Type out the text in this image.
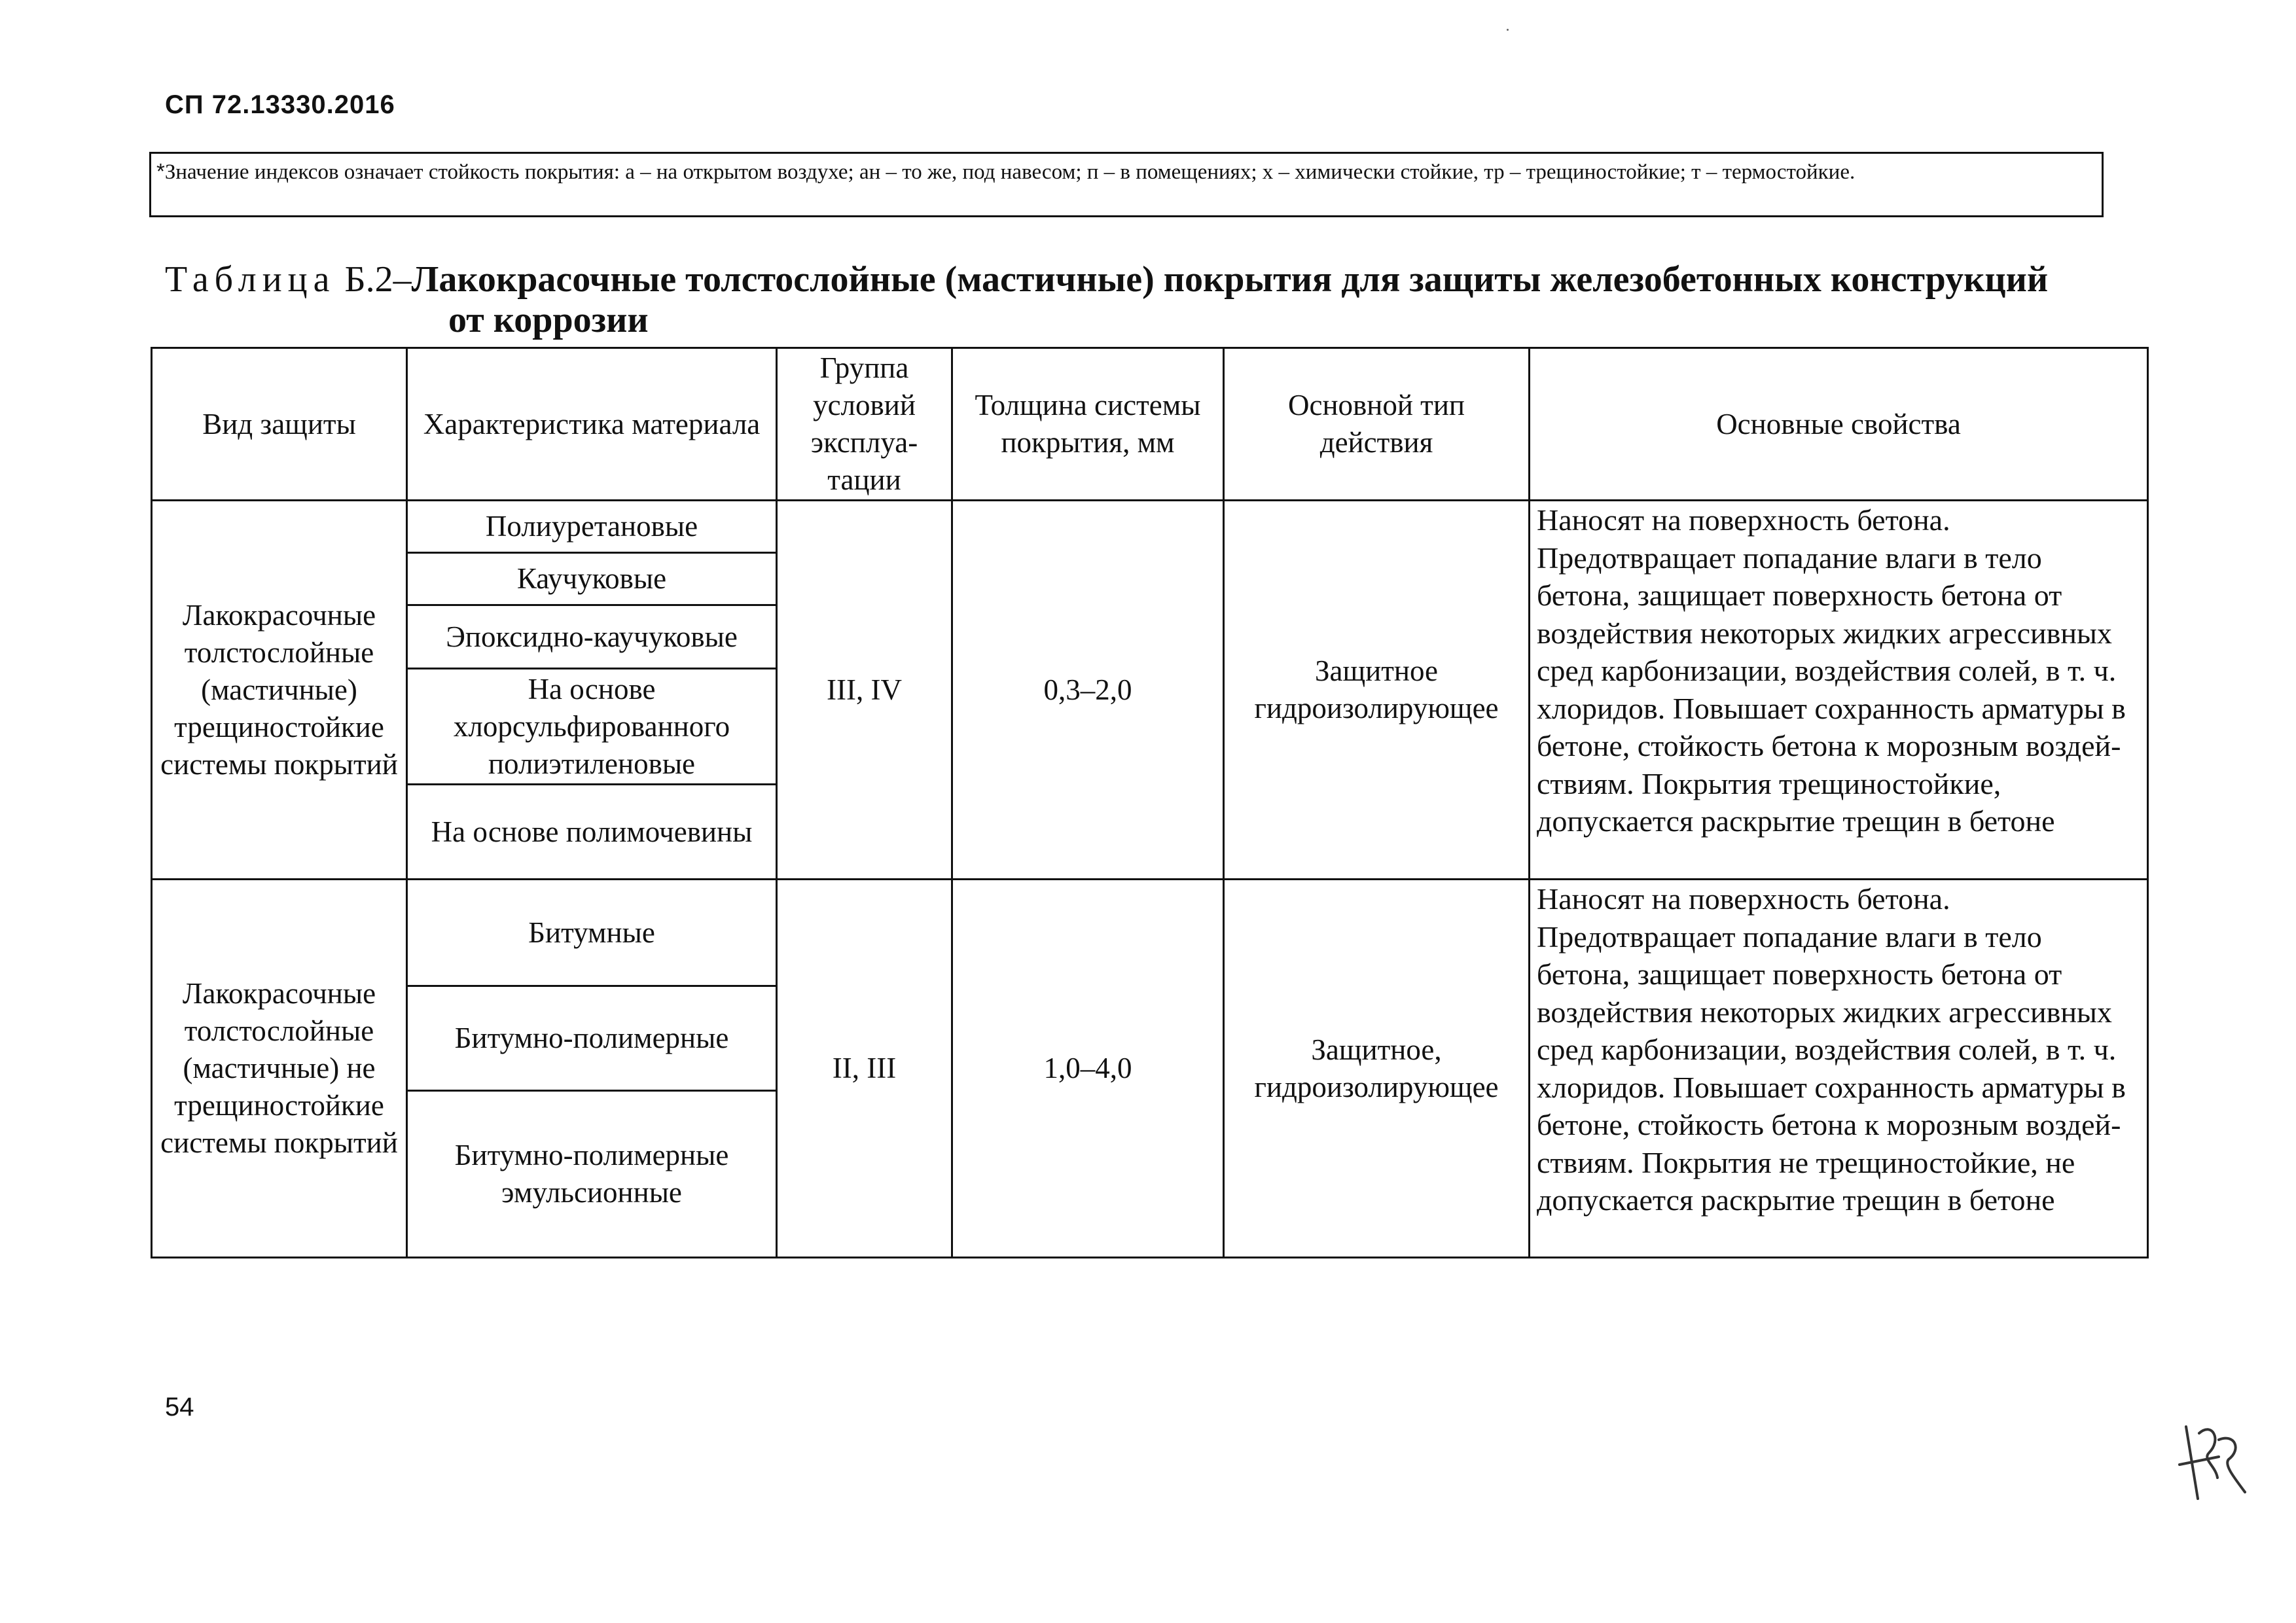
СП 72.13330.2016
*Значение индексов означает стойкость покрытия: а – на открытом воздухе; ан – то же, под навесом; п – в помещениях; х – химически стойкие, тр – трещиностойкие; т – термостойкие.
Таблица Б.2–Лакокрасочные толстослойные (мастичные) покрытия для защиты железобетонных конструкций
от коррозии
Вид защиты	Характеристика материала	Группа условий эксплуа-тации	Толщина системы покрытия, мм	Основной тип действия	Основные свойства
Лакокрасочные толстослойные (мастичные) трещиностойкие системы покрытий	Полиуретановые	III, IV	0,3–2,0	Защитное гидроизолирующее	Наносят на поверхность бетона. Предотвращает попадание влаги в тело бетона, защищает поверхность бетона от воздействия некоторых жидких агрессивных сред карбонизации, воздействия солей, в т. ч. хлоридов. Повышает сохранность арматуры в бетоне, стойкость бетона к морозным воздей-ствиям. Покрытия трещиностойкие, допускается раскрытие трещин в бетоне
	Каучуковые				
	Эпоксидно-каучуковые				
	На основе хлорсульфированного полиэтиленовые				
	На основе полимочевины				
Лакокрасочные толстослойные (мастичные) не трещиностойкие системы покрытий	Битумные	II, III	1,0–4,0	Защитное, гидроизолирующее	Наносят на поверхность бетона. Предотвращает попадание влаги в тело бетона, защищает поверхность бетона от воздействия некоторых жидких агрессивных сред карбонизации, воздействия солей, в т. ч. хлоридов. Повышает сохранность арматуры в бетоне, стойкость бетона к морозным воздей-ствиям. Покрытия не трещиностойкие, не допускается раскрытие трещин в бетоне
	Битумно-полимерные				
	Битумно-полимерные эмульсионные				
54
